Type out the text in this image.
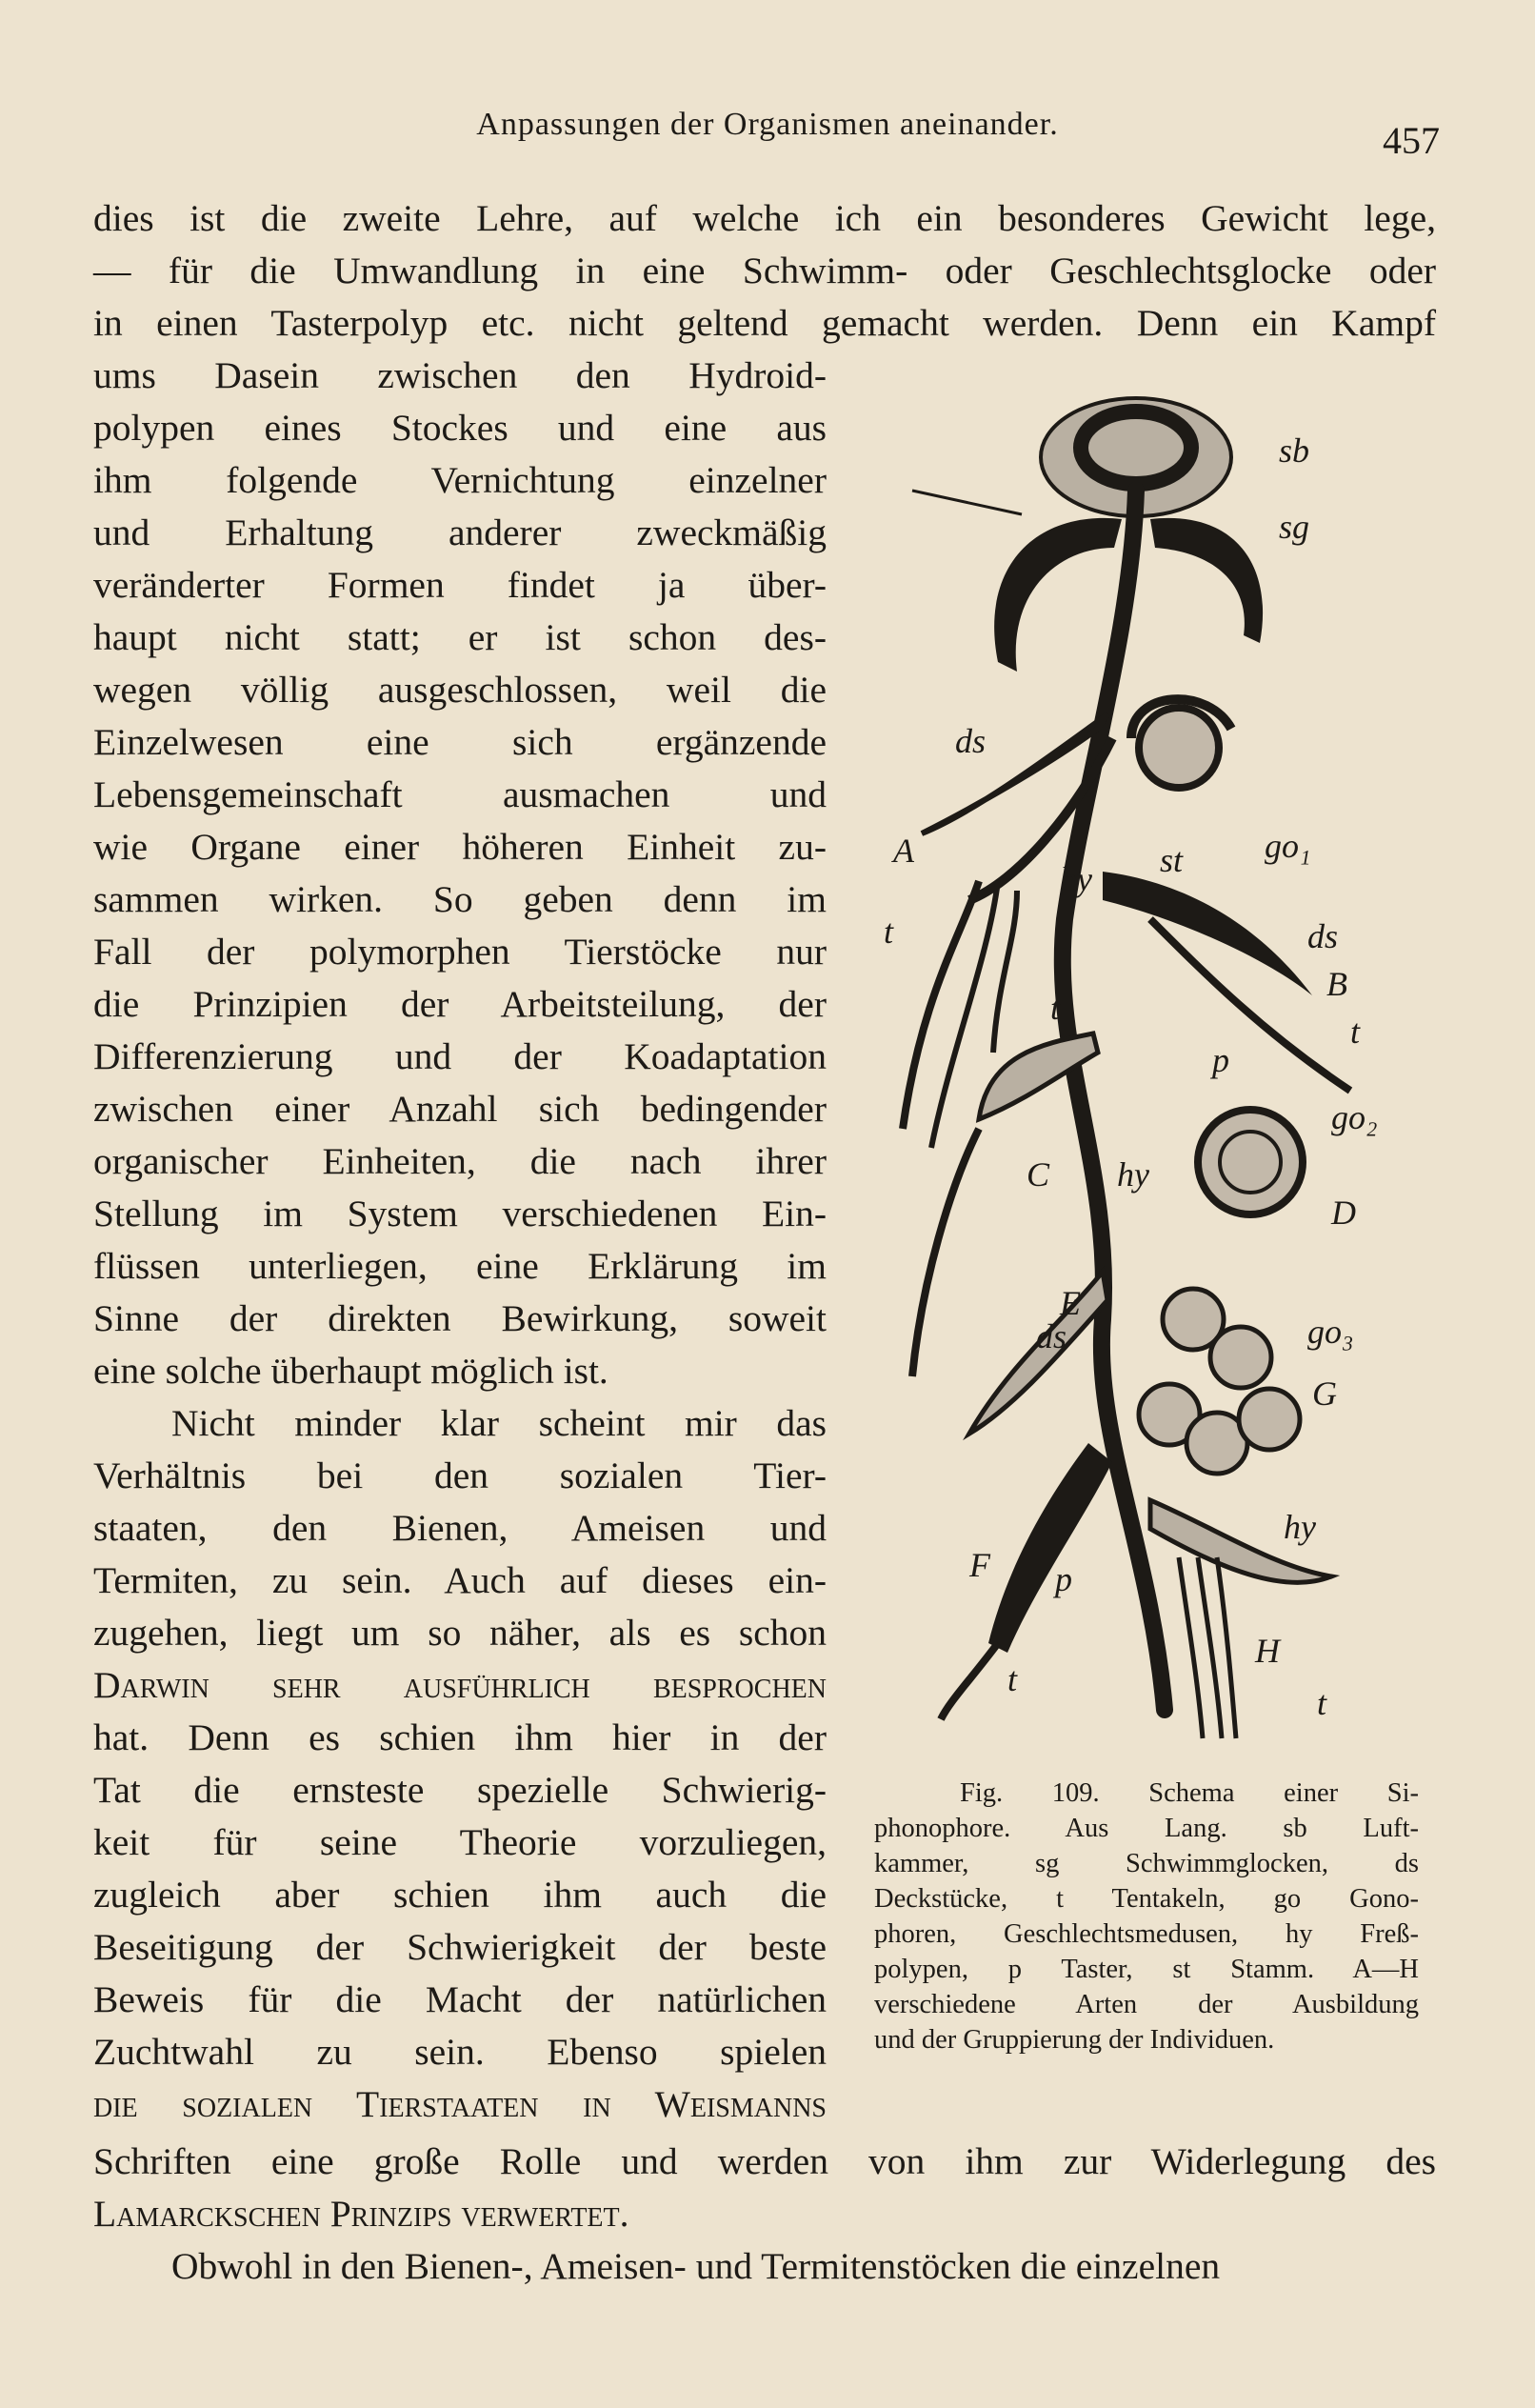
Anpassungen der Organismen aneinander.	457
dies ist die zweite Lehre, auf welche ich ein besonderes Gewicht lege,
— für die Umwandlung in eine Schwimm- oder Geschlechtsglocke oder
in einen Tasterpolyp etc. nicht geltend gemacht werden. Denn ein Kampf
ums Dasein zwischen den Hydroid-
polypen eines Stockes und eine aus
ihm folgende Vernichtung einzelner
und Erhaltung anderer zweckmäßig
veränderter Formen findet ja über-
haupt nicht statt; er ist schon des-
wegen völlig ausgeschlossen, weil die
Einzelwesen eine sich ergänzende
Lebensgemeinschaft ausmachen und
wie Organe einer höheren Einheit zu-
sammen wirken. So geben denn im
Fall der polymorphen Tierstöcke nur
die Prinzipien der Arbeitsteilung, der
Differenzierung und der Koadaptation
zwischen einer Anzahl sich bedingender
organischer Einheiten, die nach ihrer
Stellung im System verschiedenen Ein-
flüssen unterliegen, eine Erklärung im
Sinne der direkten Bewirkung, soweit
eine solche überhaupt möglich ist.
Nicht minder klar scheint mir das
Verhältnis bei den sozialen Tier-
staaten, den Bienen, Ameisen und
Termiten, zu sein. Auch auf dieses ein-
zugehen, liegt um so näher, als es schon
Darwin sehr ausführlich besprochen
hat. Denn es schien ihm hier in der
Tat die ernsteste spezielle Schwierig-
keit für seine Theorie vorzuliegen,
zugleich aber schien ihm auch die
Beseitigung der Schwierigkeit der beste
Beweis für die Macht der natürlichen
Zuchtwahl zu sein. Ebenso spielen
die sozialen Tierstaaten in Weismanns
Schriften eine große Rolle und werden von ihm zur Widerlegung des
Lamarckschen Prinzips verwertet.
Obwohl in den Bienen-, Ameisen- und Termitenstöcken die einzelnen
sb
sg
ds
go₁
A
hy st
t	ds
B
t
t
p
go₂
C hy
D
E
ds	go₃
G
hy
F p
H
t
t
Fig. 109. Schema einer Si-
phonophore. Aus Lang. sb Luft-
kammer, sg Schwimmglocken, ds
Deckstücke, t Tentakeln, go Gono-
phoren, Geschlechtsmedusen, hy Freß-
polypen, p Taster, st Stamm. A—H
verschiedene Arten der Ausbildung
und der Gruppierung der Individuen.
